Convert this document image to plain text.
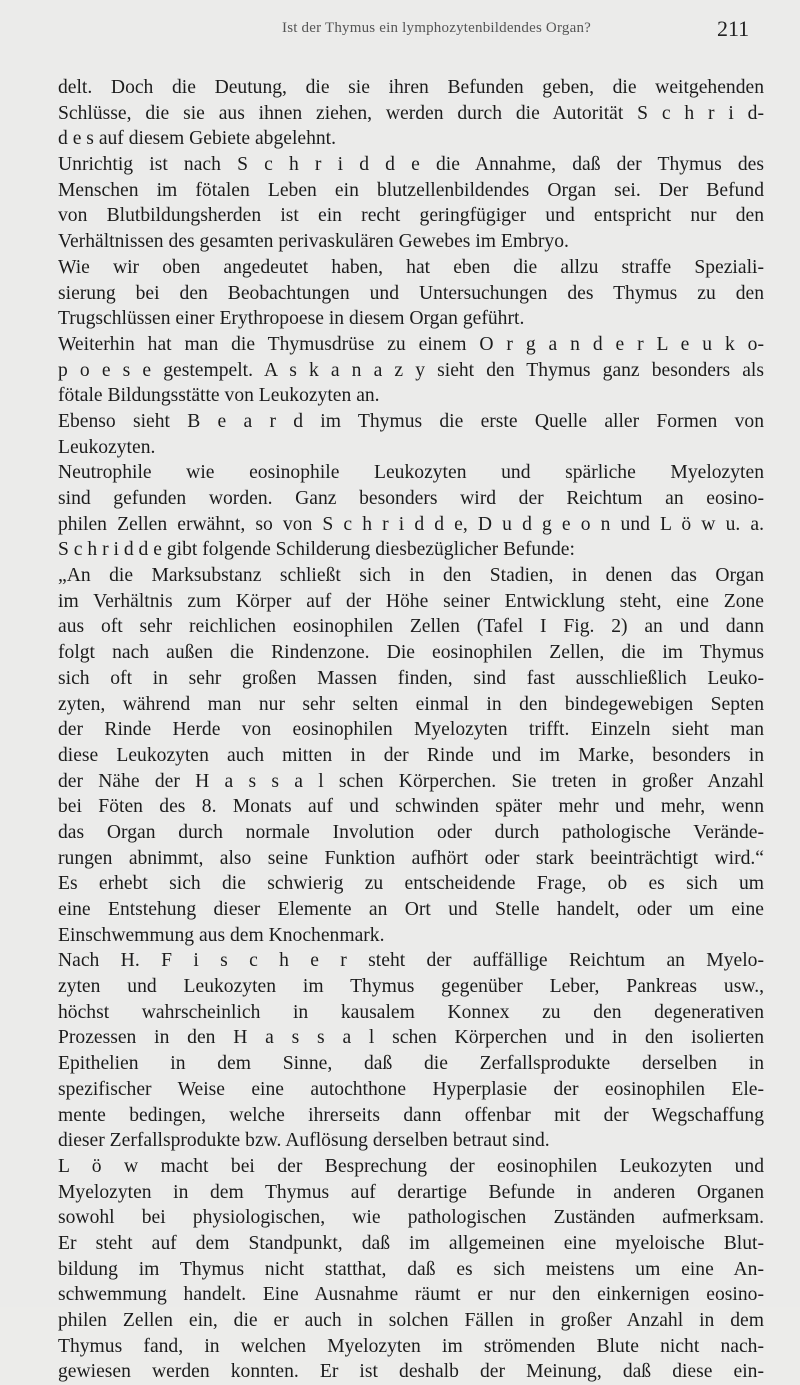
Ist der Thymus ein lymphozytenbildendes Organ?	211
delt. Doch die Deutung, die sie ihren Befunden geben, die weitgehenden
Schlüsse, die sie aus ihnen ziehen, werden durch die Autorität S c h r i d-
d e s auf diesem Gebiete abgelehnt.
Unrichtig ist nach S c h r i d d e die Annahme, daß der Thymus des
Menschen im fötalen Leben ein blutzellenbildendes Organ sei. Der Befund
von Blutbildungsherden ist ein recht geringfügiger und entspricht nur den
Verhältnissen des gesamten perivaskulären Gewebes im Embryo.
Wie wir oben angedeutet haben, hat eben die allzu straffe Speziali-
sierung bei den Beobachtungen und Untersuchungen des Thymus zu den
Trugschlüssen einer Erythropoese in diesem Organ geführt.
Weiterhin hat man die Thymusdrüse zu einem O r g a n d e r L e u k o-
p o e s e gestempelt. A s k a n a z y sieht den Thymus ganz besonders als
fötale Bildungsstätte von Leukozyten an.
Ebenso sieht B e a r d im Thymus die erste Quelle aller Formen von
Leukozyten.
Neutrophile wie eosinophile Leukozyten und spärliche Myelozyten
sind gefunden worden. Ganz besonders wird der Reichtum an eosino-
philen Zellen erwähnt, so von S c h r i d d e, D u d g e o n und L ö w u. a.
S c h r i d d e gibt folgende Schilderung diesbezüglicher Befunde:
„An die Marksubstanz schließt sich in den Stadien, in denen das Organ
im Verhältnis zum Körper auf der Höhe seiner Entwicklung steht, eine Zone
aus oft sehr reichlichen eosinophilen Zellen (Tafel I Fig. 2) an und dann
folgt nach außen die Rindenzone. Die eosinophilen Zellen, die im Thymus
sich oft in sehr großen Massen finden, sind fast ausschließlich Leuko-
zyten, während man nur sehr selten einmal in den bindegewebigen Septen
der Rinde Herde von eosinophilen Myelozyten trifft. Einzeln sieht man
diese Leukozyten auch mitten in der Rinde und im Marke, besonders in
der Nähe der H a s s a l schen Körperchen. Sie treten in großer Anzahl
bei Föten des 8. Monats auf und schwinden später mehr und mehr, wenn
das Organ durch normale Involution oder durch pathologische Verände-
rungen abnimmt, also seine Funktion aufhört oder stark beeinträchtigt wird.“
Es erhebt sich die schwierig zu entscheidende Frage, ob es sich um
eine Entstehung dieser Elemente an Ort und Stelle handelt, oder um eine
Einschwemmung aus dem Knochenmark.
Nach H. F i s c h e r steht der auffällige Reichtum an Myelo-
zyten und Leukozyten im Thymus gegenüber Leber, Pankreas usw.,
höchst wahrscheinlich in kausalem Konnex zu den degenerativen
Prozessen in den H a s s a l schen Körperchen und in den isolierten
Epithelien in dem Sinne, daß die Zerfallsprodukte derselben in
spezifischer Weise eine autochthone Hyperplasie der eosinophilen Ele-
mente bedingen, welche ihrerseits dann offenbar mit der Wegschaffung
dieser Zerfallsprodukte bzw. Auflösung derselben betraut sind.
L ö w macht bei der Besprechung der eosinophilen Leukozyten und
Myelozyten in dem Thymus auf derartige Befunde in anderen Organen
sowohl bei physiologischen, wie pathologischen Zuständen aufmerksam.
Er steht auf dem Standpunkt, daß im allgemeinen eine myeloische Blut-
bildung im Thymus nicht statthat, daß es sich meistens um eine An-
schwemmung handelt. Eine Ausnahme räumt er nur den einkernigen eosino-
philen Zellen ein, die er auch in solchen Fällen in großer Anzahl in dem
Thymus fand, in welchen Myelozyten im strömenden Blute nicht nach-
gewiesen werden konnten. Er ist deshalb der Meinung, daß diese ein-
